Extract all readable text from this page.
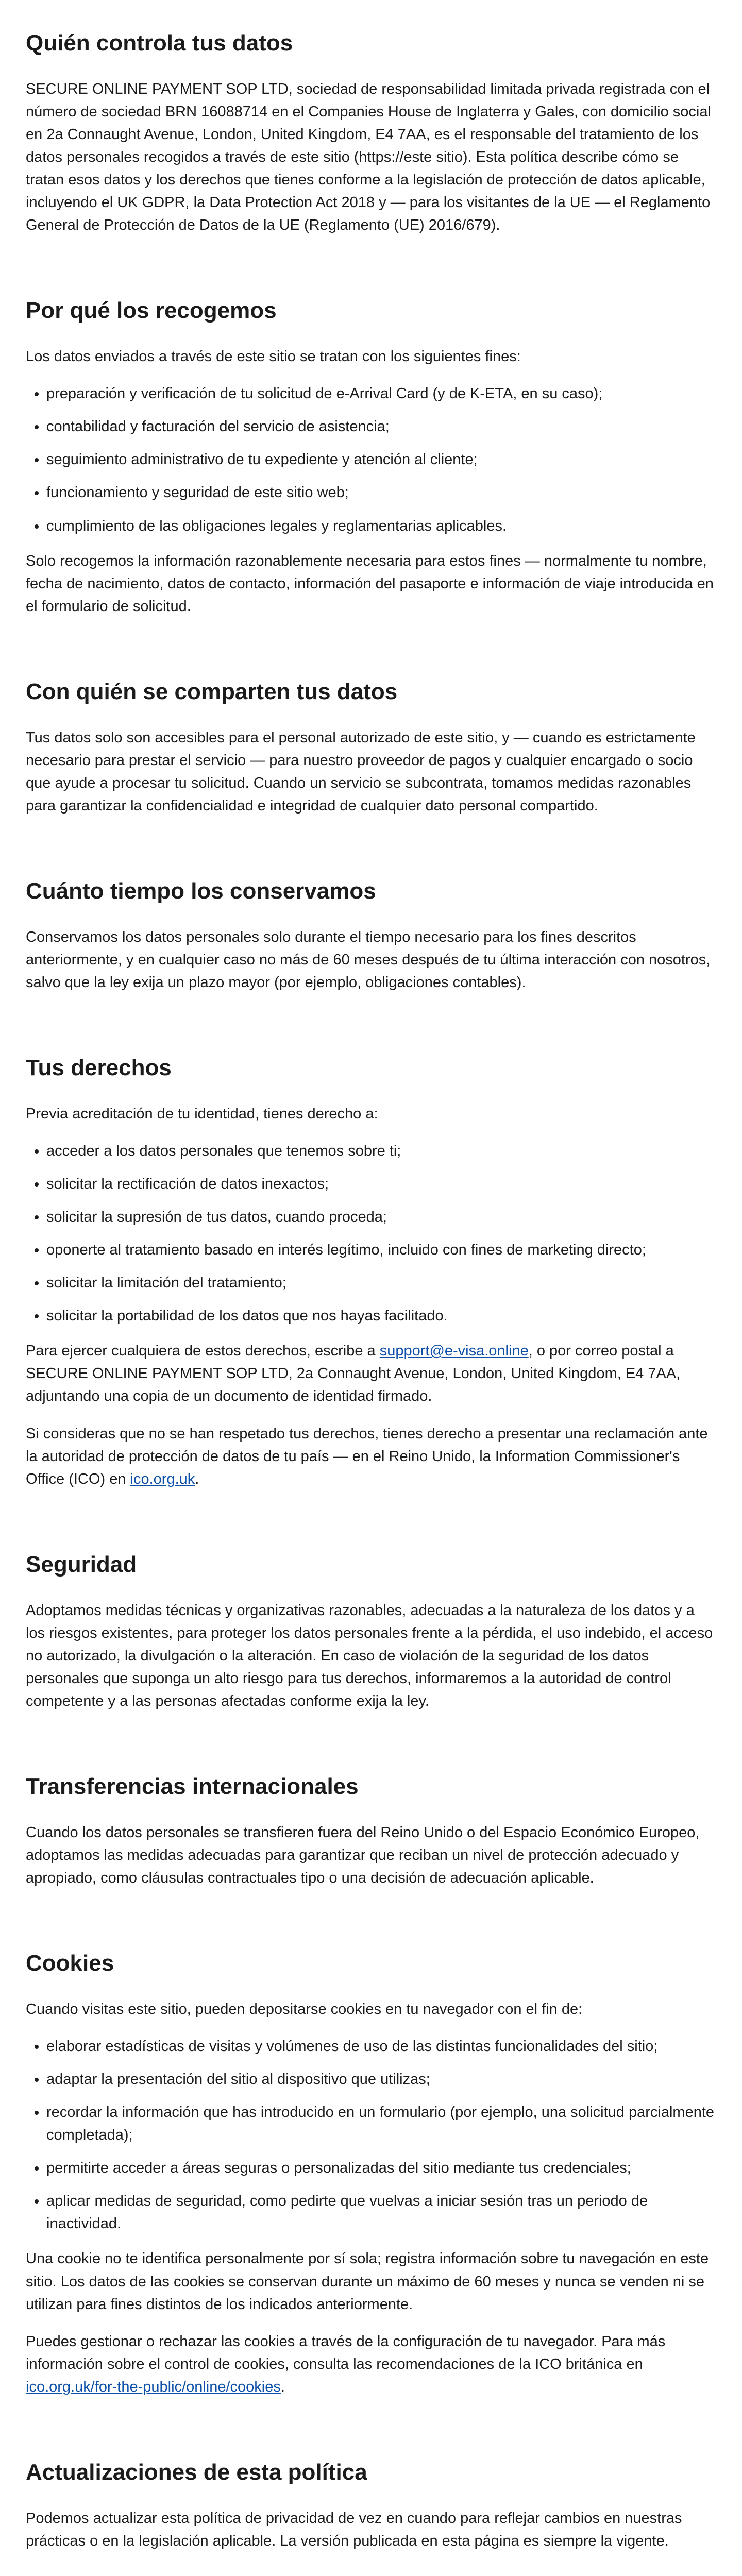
Quién controla tus datos

SECURE ONLINE PAYMENT SOP LTD, sociedad de responsabilidad limitada privada registrada con el número de sociedad BRN 16088714 en el Companies House de Inglaterra y Gales, con domicilio social en 2a Connaught Avenue, London, United Kingdom, E4 7AA, es el responsable del tratamiento de los datos personales recogidos a través de este sitio (https://este sitio). Esta política describe cómo se tratan esos datos y los derechos que tienes conforme a la legislación de protección de datos aplicable, incluyendo el UK GDPR, la Data Protection Act 2018 y — para los visitantes de la UE — el Reglamento General de Protección de Datos de la UE (Reglamento (UE) 2016/679).

Por qué los recogemos

Los datos enviados a través de este sitio se tratan con los siguientes fines:

• preparación y verificación de tu solicitud de e-Arrival Card (y de K-ETA, en su caso);
• contabilidad y facturación del servicio de asistencia;
• seguimiento administrativo de tu expediente y atención al cliente;
• funcionamiento y seguridad de este sitio web;
• cumplimiento de las obligaciones legales y reglamentarias aplicables.

Solo recogemos la información razonablemente necesaria para estos fines — normalmente tu nombre, fecha de nacimiento, datos de contacto, información del pasaporte e información de viaje introducida en el formulario de solicitud.

Con quién se comparten tus datos

Tus datos solo son accesibles para el personal autorizado de este sitio, y — cuando es estrictamente necesario para prestar el servicio — para nuestro proveedor de pagos y cualquier encargado o socio que ayude a procesar tu solicitud. Cuando un servicio se subcontrata, tomamos medidas razonables para garantizar la confidencialidad e integridad de cualquier dato personal compartido.

Cuánto tiempo los conservamos

Conservamos los datos personales solo durante el tiempo necesario para los fines descritos anteriormente, y en cualquier caso no más de 60 meses después de tu última interacción con nosotros, salvo que la ley exija un plazo mayor (por ejemplo, obligaciones contables).

Tus derechos

Previa acreditación de tu identidad, tienes derecho a:

• acceder a los datos personales que tenemos sobre ti;
• solicitar la rectificación de datos inexactos;
• solicitar la supresión de tus datos, cuando proceda;
• oponerte al tratamiento basado en interés legítimo, incluido con fines de marketing directo;
• solicitar la limitación del tratamiento;
• solicitar la portabilidad de los datos que nos hayas facilitado.

Para ejercer cualquiera de estos derechos, escribe a support@e-visa.online, o por correo postal a SECURE ONLINE PAYMENT SOP LTD, 2a Connaught Avenue, London, United Kingdom, E4 7AA, adjuntando una copia de un documento de identidad firmado.

Si consideras que no se han respetado tus derechos, tienes derecho a presentar una reclamación ante la autoridad de protección de datos de tu país — en el Reino Unido, la Information Commissioner's Office (ICO) en ico.org.uk.

Seguridad

Adoptamos medidas técnicas y organizativas razonables, adecuadas a la naturaleza de los datos y a los riesgos existentes, para proteger los datos personales frente a la pérdida, el uso indebido, el acceso no autorizado, la divulgación o la alteración. En caso de violación de la seguridad de los datos personales que suponga un alto riesgo para tus derechos, informaremos a la autoridad de control competente y a las personas afectadas conforme exija la ley.

Transferencias internacionales

Cuando los datos personales se transfieren fuera del Reino Unido o del Espacio Económico Europeo, adoptamos las medidas adecuadas para garantizar que reciban un nivel de protección adecuado y apropiado, como cláusulas contractuales tipo o una decisión de adecuación aplicable.

Cookies

Cuando visitas este sitio, pueden depositarse cookies en tu navegador con el fin de:

• elaborar estadísticas de visitas y volúmenes de uso de las distintas funcionalidades del sitio;
• adaptar la presentación del sitio al dispositivo que utilizas;
• recordar la información que has introducido en un formulario (por ejemplo, una solicitud parcialmente completada);
• permitirte acceder a áreas seguras o personalizadas del sitio mediante tus credenciales;
• aplicar medidas de seguridad, como pedirte que vuelvas a iniciar sesión tras un periodo de inactividad.

Una cookie no te identifica personalmente por sí sola; registra información sobre tu navegación en este sitio. Los datos de las cookies se conservan durante un máximo de 60 meses y nunca se venden ni se utilizan para fines distintos de los indicados anteriormente.

Puedes gestionar o rechazar las cookies a través de la configuración de tu navegador. Para más información sobre el control de cookies, consulta las recomendaciones de la ICO británica en ico.org.uk/for-the-public/online/cookies.

Actualizaciones de esta política

Podemos actualizar esta política de privacidad de vez en cuando para reflejar cambios en nuestras prácticas o en la legislación aplicable. La versión publicada en esta página es siempre la vigente.
